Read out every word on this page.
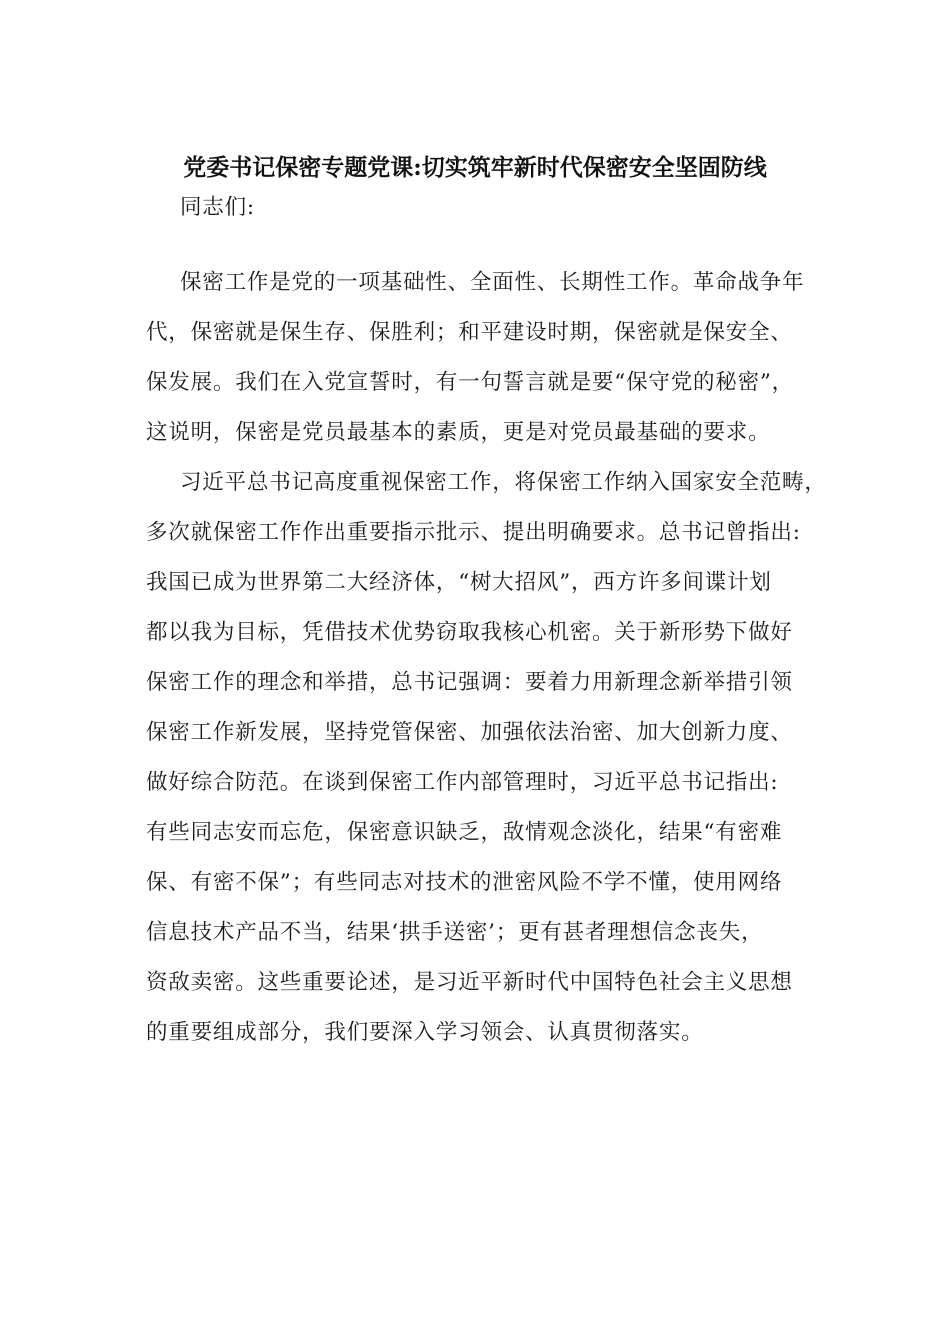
党委书记保密专题党课:切实筑牢新时代保密安全坚固防线

同志们:

保密工作是党的一项基础性、全面性、长期性工作。革命战争年

代，保密就是保生存、保胜利；和平建设时期，保密就是保安全、

保发展。我们在入党宣誓时，有一句誓言就是要“保守党的秘密”，

这说明，保密是党员最基本的素质，更是对党员最基础的要求。

习近平总书记高度重视保密工作，将保密工作纳入国家安全范畴，

多次就保密工作作出重要指示批示、提出明确要求。总书记曾指出:

我国已成为世界第二大经济体，“树大招风”，西方许多间谍计划

都以我为目标，凭借技术优势窃取我核心机密。关于新形势下做好

保密工作的理念和举措，总书记强调：要着力用新理念新举措引领

保密工作新发展，坚持党管保密、加强依法治密、加大创新力度、

做好综合防范。在谈到保密工作内部管理时，习近平总书记指出:

有些同志安而忘危，保密意识缺乏，敌情观念淡化，结果“有密难

保、有密不保”；有些同志对技术的泄密风险不学不懂，使用网络

信息技术产品不当，结果‘拱手送密’；更有甚者理想信念丧失，

资敌卖密。这些重要论述，是习近平新时代中国特色社会主义思想

的重要组成部分，我们要深入学习领会、认真贯彻落实。
